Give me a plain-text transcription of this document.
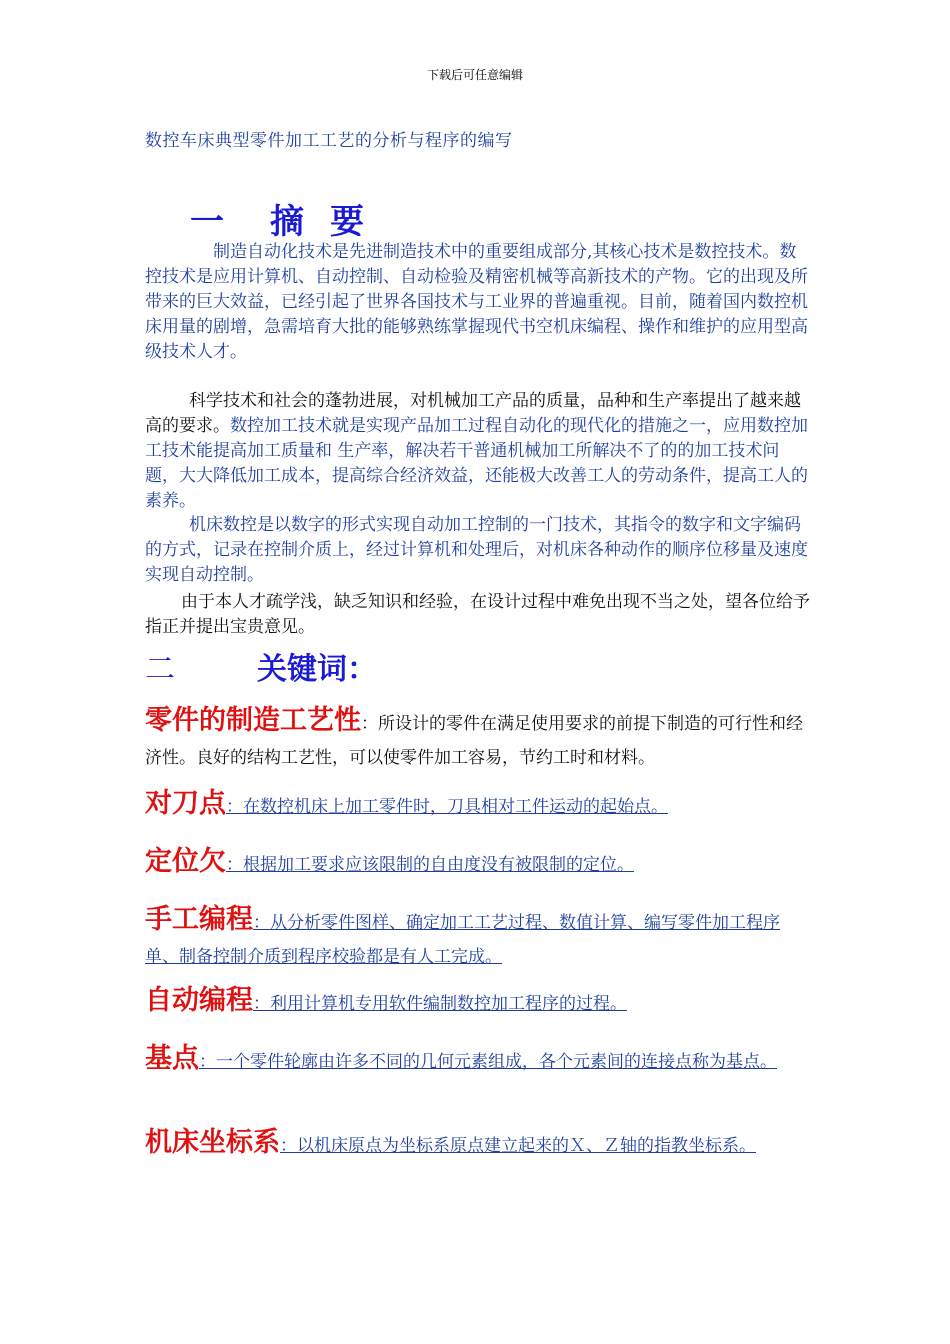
下载后可任意编辑
数控车床典型零件加工工艺的分析与程序的编写
一 摘 要
制造自动化技术是先进制造技术中的重要组成部分,其核心技术是数控技术。数控技术是应用计算机、自动控制、自动检验及精密机械等高新技术的产物。它的出现及所带来的巨大效益，已经引起了世界各国技术与工业界的普遍重视。目前，随着国内数控机床用量的剧增，急需培育大批的能够熟练掌握现代书空机床编程、操作和维护的应用型高级技术人才。
科学技术和社会的蓬勃进展，对机械加工产品的质量，品种和生产率提出了越来越高的要求。数控加工技术就是实现产品加工过程自动化的现代化的措施之一，应用数控加工技术能提高加工质量和 生产率，解决若干普通机械加工所解决不了的的加工技术问题，大大降低加工成本，提高综合经济效益，还能极大改善工人的劳动条件，提高工人的素养。
机床数控是以数字的形式实现自动加工控制的一门技术，其指令的数字和文字编码的方式，记录在控制介质上，经过计算机和处理后，对机床各种动作的顺序位移量及速度实现自动控制。
由于本人才疏学浅，缺乏知识和经验，在设计过程中难免出现不当之处，望各位给予指正并提出宝贵意见。
二	关键词：
零件的制造工艺性：所设计的零件在满足使用要求的前提下制造的可行性和经济性。良好的结构工艺性，可以使零件加工容易，节约工时和材料。
对刀点：在数控机床上加工零件时，刀具相对工件运动的起始点。
定位欠：根据加工要求应该限制的自由度没有被限制的定位。
手工编程：从分析零件图样、确定加工工艺过程、数值计算、编写零件加工程序单、制备控制介质到程序校验都是有人工完成。
自动编程：利用计算机专用软件编制数控加工程序的过程。
基点：一个零件轮廓由许多不同的几何元素组成，各个元素间的连接点称为基点。
机床坐标系：以机床原点为坐标系原点建立起来的Ｘ、Ｚ轴的指教坐标系。
